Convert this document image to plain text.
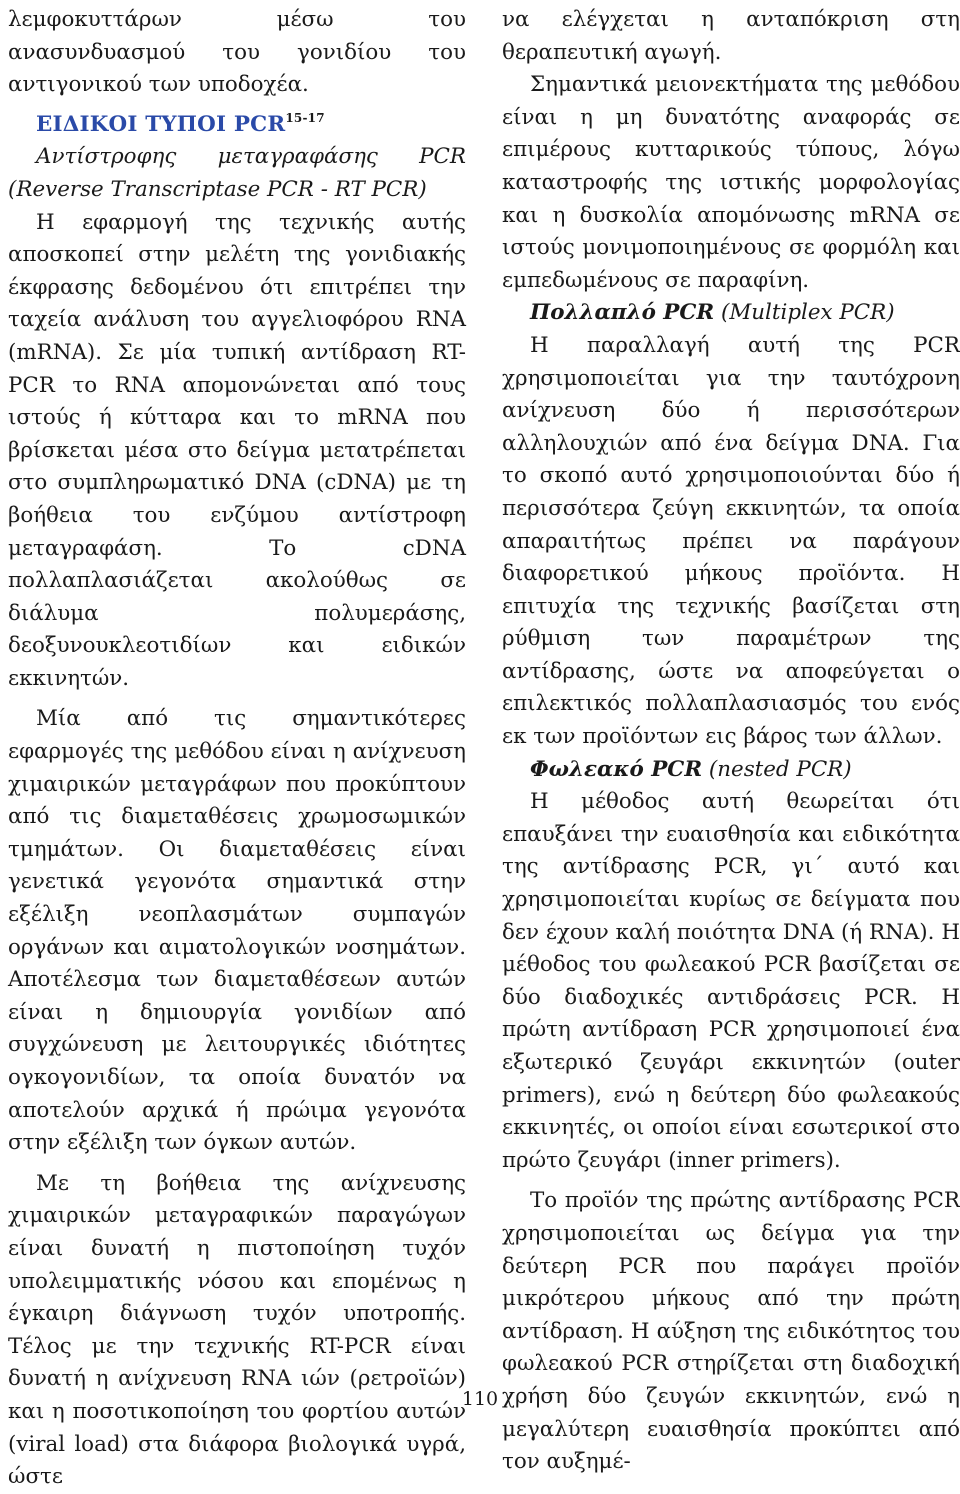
λεμφοκυττάρων μέσω του ανασυνδυασμού του γονιδίου του αντιγονικού των υποδοχέα.

ΕΙΔΙΚΟΙ ΤΥΠΟΙ PCR$^{15-17}$

Αντίστροφης μεταγραφάσης PCR

(Reverse Transcriptase PCR - RT PCR)

Η εφαρμογή της τεχνικής αυτής αποσκοπεί στην μελέτη της γονιδιακής έκφρασης δεδομένου ότι επιτρέπει την ταχεία ανάλυση του αγγελιοφόρου RNA (mRNA). Σε μία τυπική αντίδραση RT-PCR το RNA απομονώνεται από τους ιστούς ή κύτταρα και το mRNA που βρίσκεται μέσα στο δείγμα μετατρέπεται στο συμπληρωματικό DNA (cDNA) με τη βοήθεια του ενζύμου αντίστροφη μεταγραφάση. Το cDNA πολλαπλασιάζεται ακολούθως σε διάλυμα πολυμεράσης, δεοξυνουκλεοτιδίων και ειδικών εκκινητών.

Μία από τις σημαντικότερες εφαρμογές της μεθόδου είναι η ανίχνευση χιμαιρικών μεταγράφων που προκύπτουν από τις διαμεταθέσεις χρωμοσωμικών τμημάτων. Οι διαμεταθέσεις είναι γενετικά γεγονότα σημαντικά στην εξέλιξη νεοπλασμάτων συμπαγών οργάνων και αιματολογικών νοσημάτων. Αποτέλεσμα των διαμεταθέσεων αυτών είναι η δημιουργία γονιδίων από συγχώνευση με λειτουργικές ιδιότητες ογκογονιδίων, τα οποία δυνατόν να αποτελούν αρχικά ή πρώιμα γεγονότα στην εξέλιξη των όγκων αυτών.

Με τη βοήθεια της ανίχνευσης χιμαιρικών μεταγραφικών παραγώγων είναι δυνατή η πιστοποίηση τυχόν υπολειμματικής νόσου και επομένως η έγκαιρη διάγνωση τυχόν υποτροπής. Τέλος με την τεχνικής RT-PCR είναι δυνατή η ανίχνευση RNA ιών (ρετροϊών) και η ποσοτικοποίηση του φορτίου αυτών (viral load) στα διάφορα βιολογικά υγρά, ώστε

να ελέγχεται η ανταπόκριση στη θεραπευτική αγωγή.

Σημαντικά μειονεκτήματα της μεθόδου είναι η μη δυνατότης αναφοράς σε επιμέρους κυτταρικούς τύπους, λόγω καταστροφής της ιστικής μορφολογίας και η δυσκολία απομόνωσης mRNA σε ιστούς μονιμοποιημένους σε φορμόλη και εμπεδωμένους σε παραφίνη.

Πολλαπλό PCR (Multiplex PCR)

Η παραλλαγή αυτή της PCR χρησιμοποιείται για την ταυτόχρονη ανίχνευση δύο ή περισσότερων αλληλουχιών από ένα δείγμα DNA. Για το σκοπό αυτό χρησιμοποιούνται δύο ή περισσότερα ζεύγη εκκινητών, τα οποία απαραιτήτως πρέπει να παράγουν διαφορετικού μήκους προϊόντα. Η επιτυχία της τεχνικής βασίζεται στη ρύθμιση των παραμέτρων της αντίδρασης, ώστε να αποφεύγεται ο επιλεκτικός πολλαπλασιασμός του ενός εκ των προϊόντων εις βάρος των άλλων.

Φωλεακό PCR (nested PCR)

Η μέθοδος αυτή θεωρείται ότι επαυξάνει την ευαισθησία και ειδικότητα της αντίδρασης PCR, γι΄ αυτό και χρησιμοποιείται κυρίως σε δείγματα που δεν έχουν καλή ποιότητα DNA (ή RNA). Η μέθοδος του φωλεακού PCR βασίζεται σε δύο διαδοχικές αντιδράσεις PCR. Η πρώτη αντίδραση PCR χρησιμοποιεί ένα εξωτερικό ζευγάρι εκκινητών (outer primers), ενώ η δεύτερη δύο φωλεακούς εκκινητές, οι οποίοι είναι εσωτερικοί στο πρώτο ζευγάρι (inner primers).

Το προϊόν της πρώτης αντίδρασης PCR χρησιμοποιείται ως δείγμα για την δεύτερη PCR που παράγει προϊόν μικρότερου μήκους από την πρώτη αντίδραση. Η αύξηση της ειδικότητος του φωλεακού PCR στηρίζεται στη διαδοχική χρήση δύο ζευγών εκκινητών, ενώ η μεγαλύτερη ευαισθησία προκύπτει από τον αυξημέ-

110
